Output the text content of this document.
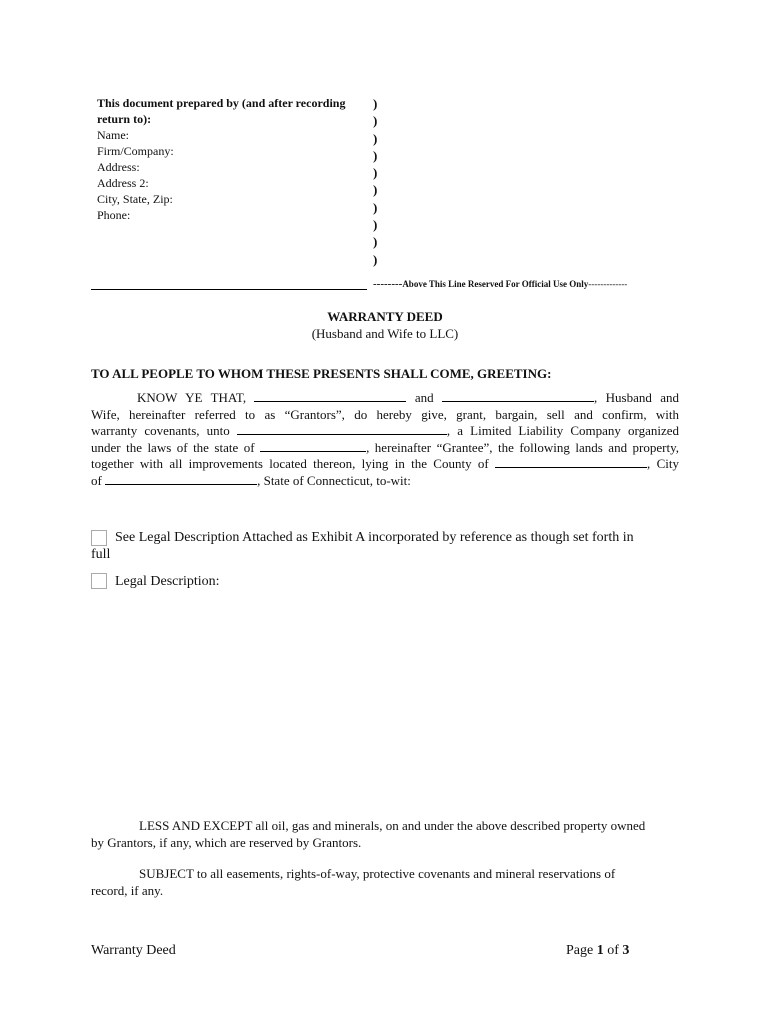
This document prepared by (and after recording return to):
Name:
Firm/Company:
Address:
Address 2:
City, State, Zip:
Phone:
)
)
)
)
)
)
)
)
)
)
--------Above This Line Reserved For Official Use Only-------------
WARRANTY DEED
(Husband and Wife to LLC)
TO ALL PEOPLE TO WHOM THESE PRESENTS SHALL COME, GREETING:
KNOW YE THAT,	and	, Husband and
Wife, hereinafter referred to as “Grantors”, do hereby give, grant, bargain, sell and confirm, with
warranty covenants, unto	, a Limited Liability Company organized
under the laws of the state of	, hereinafter “Grantee”, the following lands and property,
together with all improvements located thereon, lying in the County of	, City
of	, State of Connecticut, to-wit:
See Legal Description Attached as Exhibit A incorporated by reference as though set forth in
full
Legal Description:
LESS AND EXCEPT all oil, gas and minerals, on and under the above described property owned
by Grantors, if any, which are reserved by Grantors.
SUBJECT to all easements, rights-of-way, protective covenants and mineral reservations of
record, if any.
Warranty Deed	Page 1 of 3
